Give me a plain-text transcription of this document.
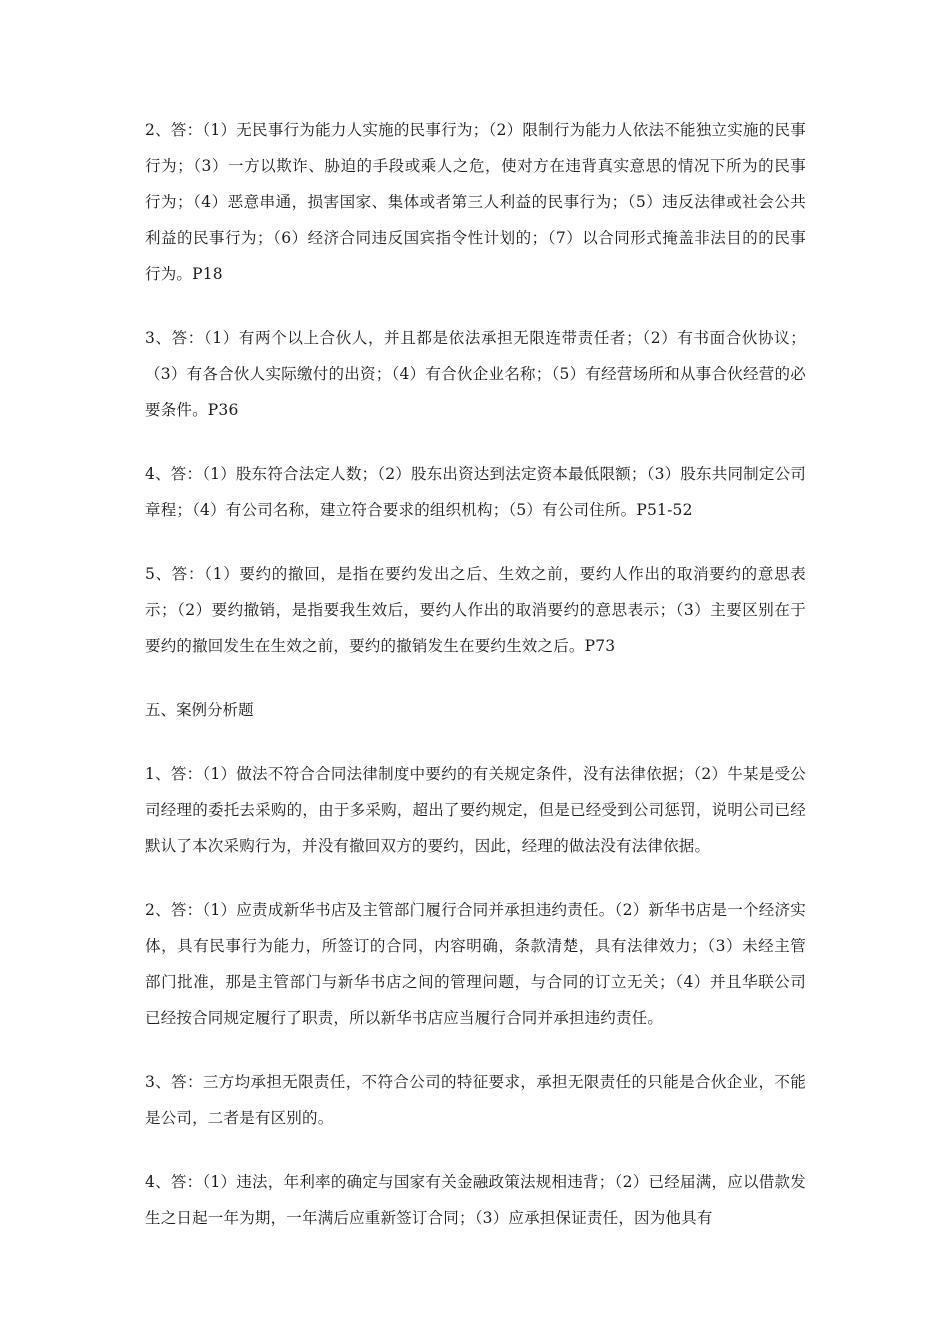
2、答：（1）无民事行为能力人实施的民事行为；（2）限制行为能力人依法不能独立实施的民事行为；（3）一方以欺诈、胁迫的手段或乘人之危，使对方在违背真实意思的情况下所为的民事行为；（4）恶意串通，损害国家、集体或者第三人利益的民事行为；（5）违反法律或社会公共利益的民事行为；（6）经济合同违反国宾指令性计划的；（7）以合同形式掩盖非法目的的民事行为。P18

3、答：（1）有两个以上合伙人，并且都是依法承担无限连带责任者；（2）有书面合伙协议；（3）有各合伙人实际缴付的出资；（4）有合伙企业名称；（5）有经营场所和从事合伙经营的必要条件。P36

4、答：（1）股东符合法定人数；（2）股东出资达到法定资本最低限额；（3）股东共同制定公司章程；（4）有公司名称，建立符合要求的组织机构；（5）有公司住所。P51-52

5、答：（1）要约的撤回，是指在要约发出之后、生效之前，要约人作出的取消要约的意思表示；（2）要约撤销，是指要我生效后，要约人作出的取消要约的意思表示；（3）主要区别在于要约的撤回发生在生效之前，要约的撤销发生在要约生效之后。P73

五、案例分析题

1、答：（1）做法不符合合同法律制度中要约的有关规定条件，没有法律依据；（2）牛某是受公司经理的委托去采购的，由于多采购，超出了要约规定，但是已经受到公司惩罚，说明公司已经默认了本次采购行为，并没有撤回双方的要约，因此，经理的做法没有法律依据。

2、答：（1）应责成新华书店及主管部门履行合同并承担违约责任。（2）新华书店是一个经济实体，具有民事行为能力，所签订的合同，内容明确，条款清楚，具有法律效力；（3）未经主管部门批准，那是主管部门与新华书店之间的管理问题，与合同的订立无关；（4）并且华联公司已经按合同规定履行了职责，所以新华书店应当履行合同并承担违约责任。

3、答：三方均承担无限责任，不符合公司的特征要求，承担无限责任的只能是合伙企业，不能是公司，二者是有区别的。

4、答：（1）违法，年利率的确定与国家有关金融政策法规相违背；（2）已经届满，应以借款发生之日起一年为期，一年满后应重新签订合同；（3）应承担保证责任，因为他具有
